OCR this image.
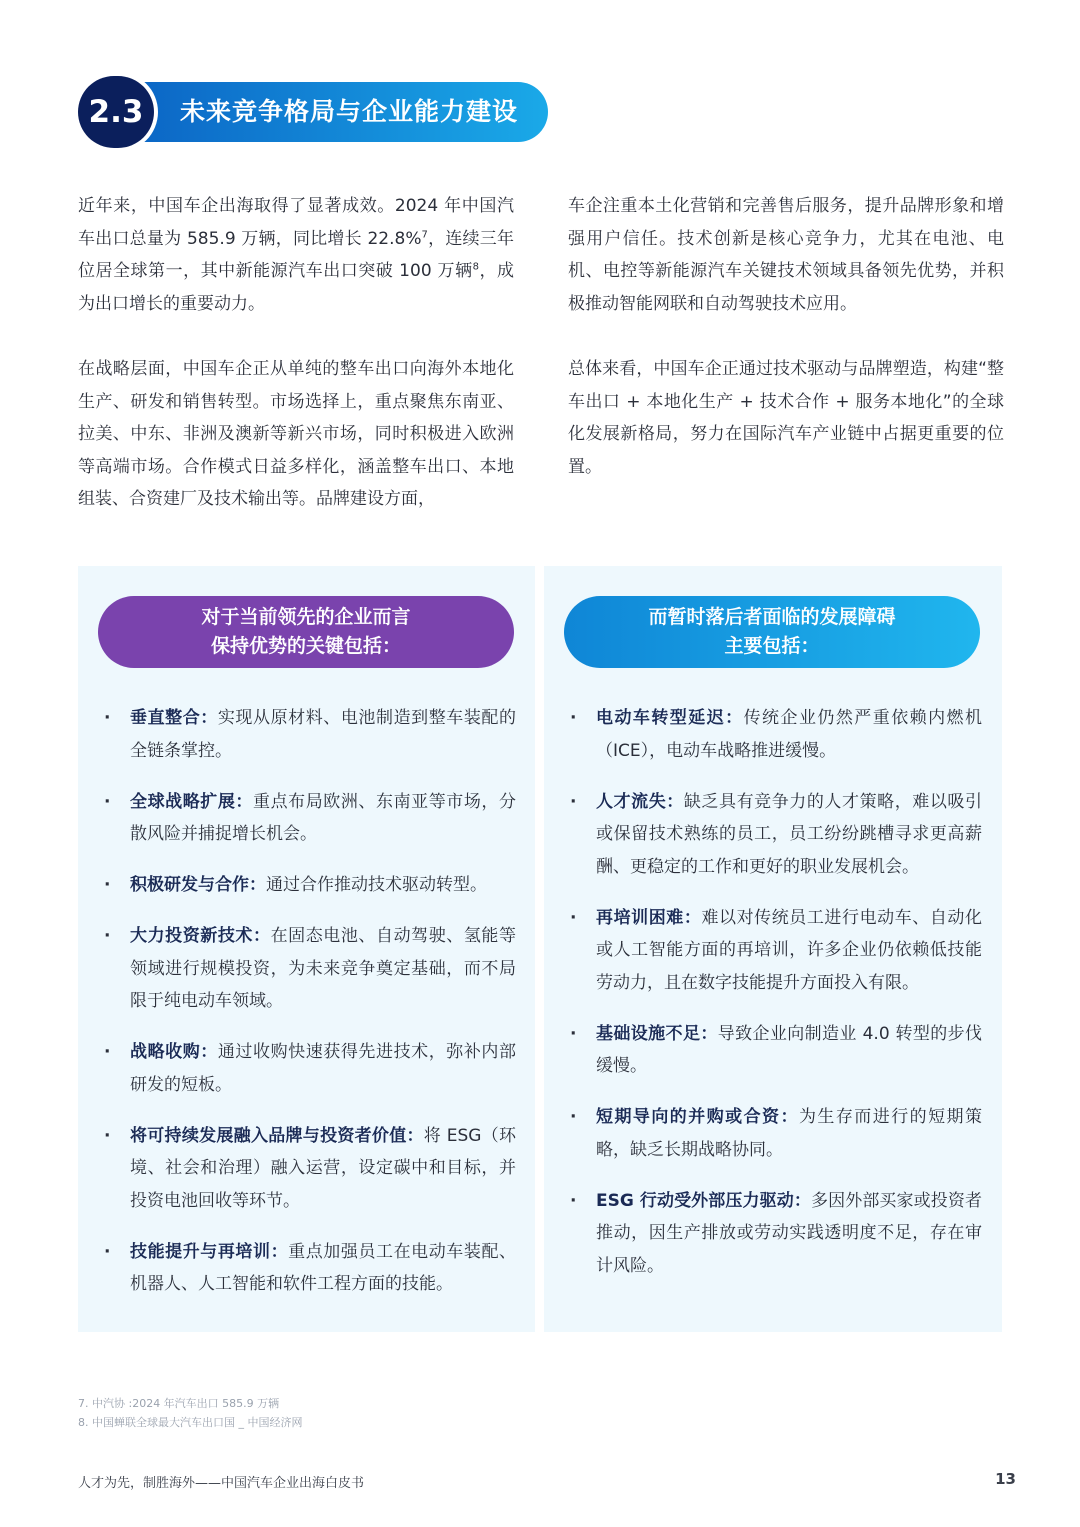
2.3	未来竞争格局与企业能力建设

近年来，中国车企出海取得了显著成效。2024 年中国汽车出口总量为 585.9 万辆，同比增长 22.8%$^7$，连续三年位居全球第一，其中新能源汽车出口突破 100 万辆$^8$，成为出口增长的重要动力。

在战略层面，中国车企正从单纯的整车出口向海外本地化生产、研发和销售转型。市场选择上，重点聚焦东南亚、拉美、中东、非洲及澳新等新兴市场，同时积极进入欧洲等高端市场。合作模式日益多样化，涵盖整车出口、本地组装、合资建厂及技术输出等。品牌建设方面，

车企注重本土化营销和完善售后服务，提升品牌形象和增强用户信任。技术创新是核心竞争力，尤其在电池、电机、电控等新能源汽车关键技术领域具备领先优势，并积极推动智能网联和自动驾驶技术应用。

总体来看，中国车企正通过技术驱动与品牌塑造，构建“整车出口 + 本地化生产 + 技术合作 + 服务本地化”的全球化发展新格局，努力在国际汽车产业链中占据更重要的位置。

对于当前领先的企业而言
保持优势的关键包括：
· 垂直整合：实现从原材料、电池制造到整车装配的全链条掌控。
· 全球战略扩展：重点布局欧洲、东南亚等市场，分散风险并捕捉增长机会。
· 积极研发与合作：通过合作推动技术驱动转型。
· 大力投资新技术：在固态电池、自动驾驶、氢能等领域进行规模投资，为未来竞争奠定基础，而不局限于纯电动车领域。
· 战略收购：通过收购快速获得先进技术，弥补内部研发的短板。
· 将可持续发展融入品牌与投资者价值：将 ESG（环境、社会和治理）融入运营，设定碳中和目标，并投资电池回收等环节。
· 技能提升与再培训：重点加强员工在电动车装配、机器人、人工智能和软件工程方面的技能。
而暂时落后者面临的发展障碍
主要包括：
· 电动车转型延迟：传统企业仍然严重依赖内燃机（ICE），电动车战略推进缓慢。
· 人才流失：缺乏具有竞争力的人才策略，难以吸引或保留技术熟练的员工，员工纷纷跳槽寻求更高薪酬、更稳定的工作和更好的职业发展机会。
· 再培训困难：难以对传统员工进行电动车、自动化或人工智能方面的再培训，许多企业仍依赖低技能劳动力，且在数字技能提升方面投入有限。
· 基础设施不足：导致企业向制造业 4.0 转型的步伐缓慢。
· 短期导向的并购或合资：为生存而进行的短期策略，缺乏长期战略协同。
· ESG 行动受外部压力驱动：多因外部买家或投资者推动，因生产排放或劳动实践透明度不足，存在审计风险。
7. 中汽协 :2024 年汽车出口 585.9 万辆
8. 中国蝉联全球最大汽车出口国 _ 中国经济网
人才为先，制胜海外——中国汽车企业出海白皮书	13
